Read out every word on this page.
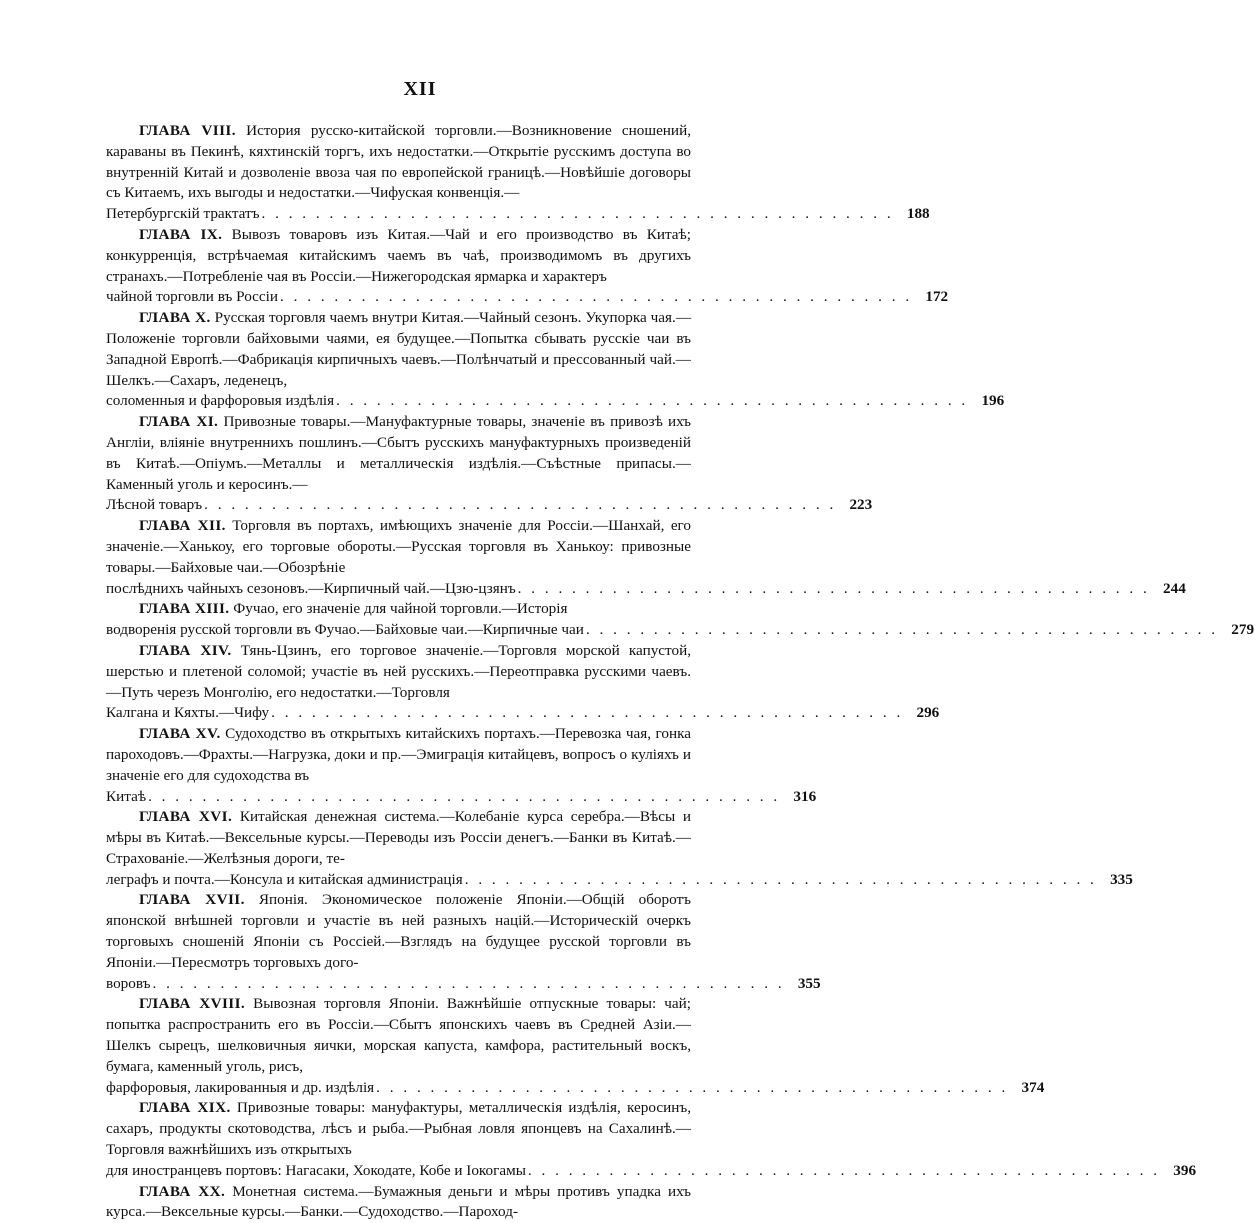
XII

ГЛАВА VIII. История русско-китайской торговли.—Возникновение сношений, караваны въ Пекинѣ, кяхтинскій торгъ, ихъ недостатки.—Открытіе русскимъ доступа во внутренній Китай и дозволеніе ввоза чая по европейской границѣ.—Новѣйшіе договоры съ Китаемъ, ихъ выгоды и недостатки.—Чифуская конвенція.—

Петербургскій трактатъ . . . . . . . . . . . . . . . . . . . . . . . . . . . . . . . . . . . . . . . . . . . . . . . 188

ГЛАВА IX. Вывозъ товаровъ изъ Китая.—Чай и его производство въ Китаѣ; конкурренція, встрѣчаемая китайскимъ чаемъ въ чаѣ, производимомъ въ другихъ странахъ.—Потребленіе чая въ Россіи.—Нижегородская ярмарка и характеръ

чайной торговли въ Россіи . . . . . . . . . . . . . . . . . . . . . . . . . . . . . . . . . . . . . . . . . . . . . . . 172

ГЛАВА X. Русская торговля чаемъ внутри Китая.—Чайный сезонъ. Укупорка чая.—Положеніе торговли байховыми чаями, ея будущее.—Попытка сбывать русскіе чаи въ Западной Европѣ.—Фабрикація кирпичныхъ чаевъ.—Полѣнчатый и прессованный чай.—Шелкъ.—Сахаръ, леденецъ,

соломенныя и фарфоровыя издѣлія . . . . . . . . . . . . . . . . . . . . . . . . . . . . . . . . . . . . . . . . . . . . . . . 196

ГЛАВА XI. Привозные товары.—Мануфактурные товары, значеніе въ привозѣ ихъ Англіи, вліяніе внутреннихъ пошлинъ.—Сбытъ русскихъ мануфактурныхъ произведеній въ Китаѣ.—Опіумъ.—Металлы и металлическія издѣлія.—Съѣстные припасы.—Каменный уголь и керосинъ.—

Лѣсной товаръ . . . . . . . . . . . . . . . . . . . . . . . . . . . . . . . . . . . . . . . . . . . . . . . 223

ГЛАВА XII. Торговля въ портахъ, имѣющихъ значеніе для Россіи.—Шанхай, его значеніе.—Ханькоу, его торговые обороты.—Русская торговля въ Ханькоу: привозные товары.—Байховые чаи.—Обозрѣніе

послѣднихъ чайныхъ сезоновъ.—Кирпичный чай.—Цзю-цзянъ . . . . . . . . . . . . . . . . . . . . . . . . . . . . . . . . . . . . . . . . . . . . . . . 244

ГЛАВА XIII. Фучао, его значеніе для чайной торговли.—Исторія

водворенія русской торговли въ Фучао.—Байховые чаи.—Кирпичные чаи . . . . . . . . . . . . . . . . . . . . . . . . . . . . . . . . . . . . . . . . . . . . . . . 279

ГЛАВА XIV. Тянь-Цзинъ, его торговое значеніе.—Торговля морской капустой, шерстью и плетеной соломой; участіе въ ней русскихъ.—Переотправка русскими чаевъ.—Путь черезъ Монголію, его недостатки.—Торговля

Калгана и Кяхты.—Чифу . . . . . . . . . . . . . . . . . . . . . . . . . . . . . . . . . . . . . . . . . . . . . . . 296

ГЛАВА XV. Судоходство въ открытыхъ китайскихъ портахъ.—Перевозка чая, гонка пароходовъ.—Фрахты.—Нагрузка, доки и пр.—Эмиграція китайцевъ, вопросъ о куліяхъ и значеніе его для судоходства въ

Китаѣ . . . . . . . . . . . . . . . . . . . . . . . . . . . . . . . . . . . . . . . . . . . . . . . 316

ГЛАВА XVI. Китайская денежная система.—Колебаніе курса серебра.—Вѣсы и мѣры въ Китаѣ.—Вексельные курсы.—Переводы изъ Россіи денегъ.—Банки въ Китаѣ.—Страхованіе.—Желѣзныя дороги, те-

леграфъ и почта.—Консула и китайская администрація . . . . . . . . . . . . . . . . . . . . . . . . . . . . . . . . . . . . . . . . . . . . . . . 335

ГЛАВА XVII. Японія. Экономическое положеніе Японіи.—Общій оборотъ японской внѣшней торговли и участіе въ ней разныхъ націй.—Историческій очеркъ торговыхъ сношеній Японіи съ Россіей.—Взглядъ на будущее русской торговли въ Японіи.—Пересмотръ торговыхъ дого-

воровъ . . . . . . . . . . . . . . . . . . . . . . . . . . . . . . . . . . . . . . . . . . . . . . . 355

ГЛАВА XVIII. Вывозная торговля Японіи. Важнѣйшіе отпускные товары: чай; попытка распространить его въ Россіи.—Сбытъ японскихъ чаевъ въ Средней Азіи.—Шелкъ сырецъ, шелковичныя яички, морская капуста, камфора, растительный воскъ, бумага, каменный уголь, рисъ,

фарфоровыя, лакированныя и др. издѣлія . . . . . . . . . . . . . . . . . . . . . . . . . . . . . . . . . . . . . . . . . . . . . . . 374

ГЛАВА XIX. Привозные товары: мануфактуры, металлическія издѣлія, керосинъ, сахаръ, продукты скотоводства, лѣсъ и рыба.—Рыбная ловля японцевъ на Сахалинѣ.—Торговля важнѣйшихъ изъ открытыхъ

для иностранцевъ портовъ: Нагасаки, Хокодате, Кобе и Іокогамы . . . . . . . . . . . . . . . . . . . . . . . . . . . . . . . . . . . . . . . . . . . . . . . 396

ГЛАВА XX. Монетная система.—Бумажныя деньги и мѣры противъ упадка ихъ курса.—Вексельные курсы.—Банки.—Судоходство.—Пароход-
